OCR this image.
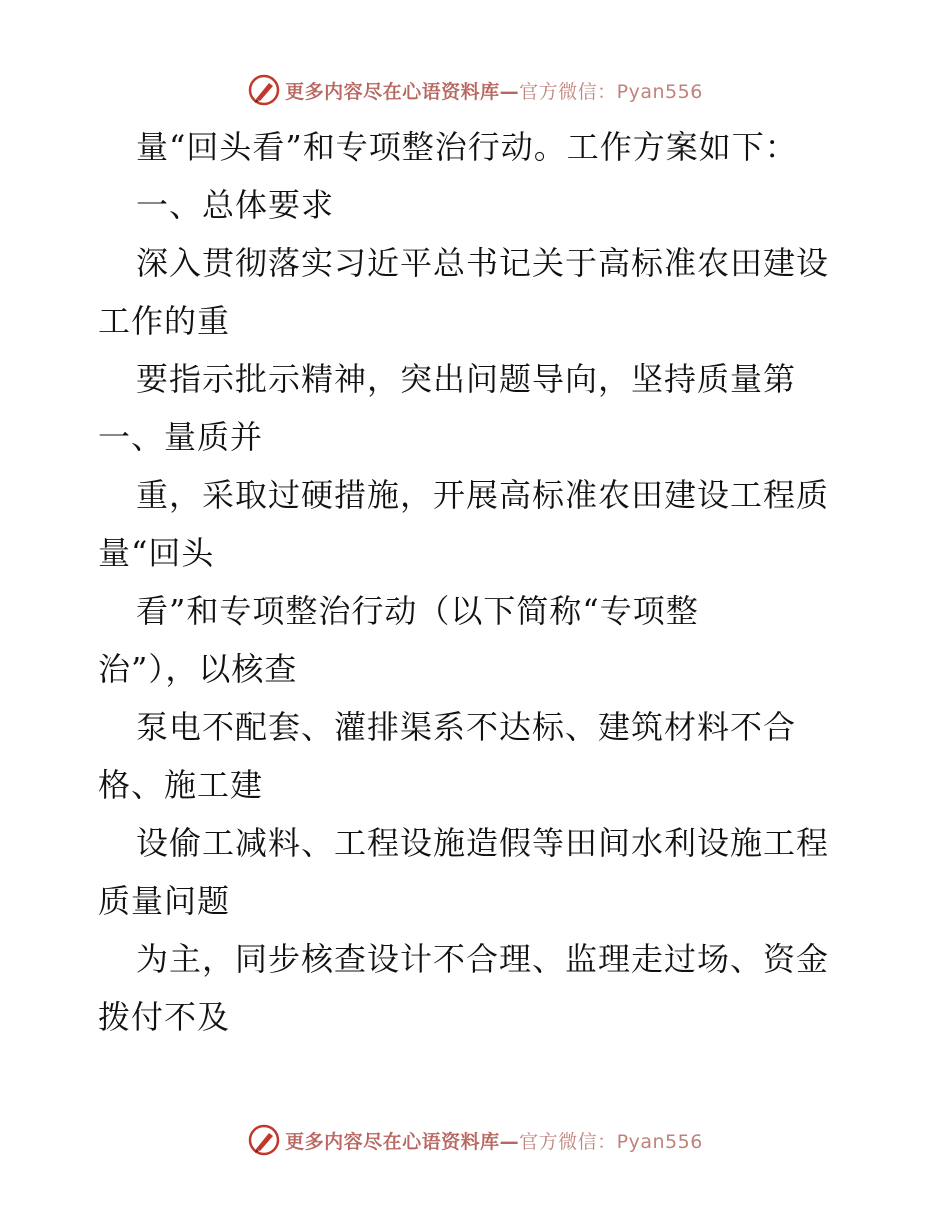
更多内容尽在心语资料库—官方微信：Pyan556
量“回头看”和专项整治行动。工作方案如下：
一、总体要求
深入贯彻落实习近平总书记关于高标准农田建设
工作的重
要指示批示精神，突出问题导向，坚持质量第
一、量质并
重，采取过硬措施，开展高标准农田建设工程质
量“回头
看”和专项整治行动（以下简称“专项整
治”），以核查
泵电不配套、灌排渠系不达标、建筑材料不合
格、施工建
设偷工减料、工程设施造假等田间水利设施工程
质量问题
为主，同步核查设计不合理、监理走过场、资金
拨付不及
更多内容尽在心语资料库—官方微信：Pyan556
